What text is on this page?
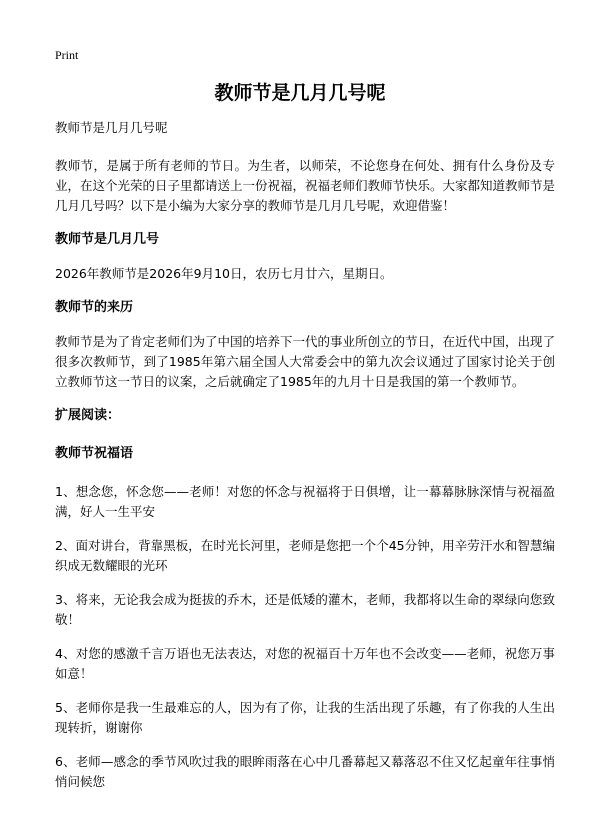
Print
教师节是几月几号呢

教师节是几月几号呢

教师节，是属于所有老师的节日。为生者，以师荣，不论您身在何处、拥有什么身份及专业，在这个光荣的日子里都请送上一份祝福，祝福老师们教师节快乐。大家都知道教师节是几月几号吗？以下是小编为大家分享的教师节是几月几号呢，欢迎借鉴！

教师节是几月几号

2026年教师节是2026年9月10日，农历七月廿六，星期日。

教师节的来历

教师节是为了肯定老师们为了中国的培养下一代的事业所创立的节日，在近代中国，出现了很多次教师节，到了1985年第六届全国人大常委会中的第九次会议通过了国家讨论关于创立教师节这一节日的议案，之后就确定了1985年的九月十日是我国的第一个教师节。

扩展阅读：
教师节祝福语

1、想念您，怀念您——老师！对您的怀念与祝福将于日俱增，让一幕幕脉脉深情与祝福盈满，好人一生平安

2、面对讲台，背靠黑板，在时光长河里，老师是您把一个个45分钟，用辛劳汗水和智慧编织成无数耀眼的光环

3、将来，无论我会成为挺拔的乔木，还是低矮的灌木，老师，我都将以生命的翠绿向您致敬！

4、对您的感激千言万语也无法表达，对您的祝福百十万年也不会改变——老师，祝您万事如意！

5、老师你是我一生最难忘的人，因为有了你，让我的生活出现了乐趣，有了你我的人生出现转折，谢谢你

6、老师—感念的季节风吹过我的眼眸雨落在心中几番幕起又幕落忍不住又忆起童年往事悄悄问候您
